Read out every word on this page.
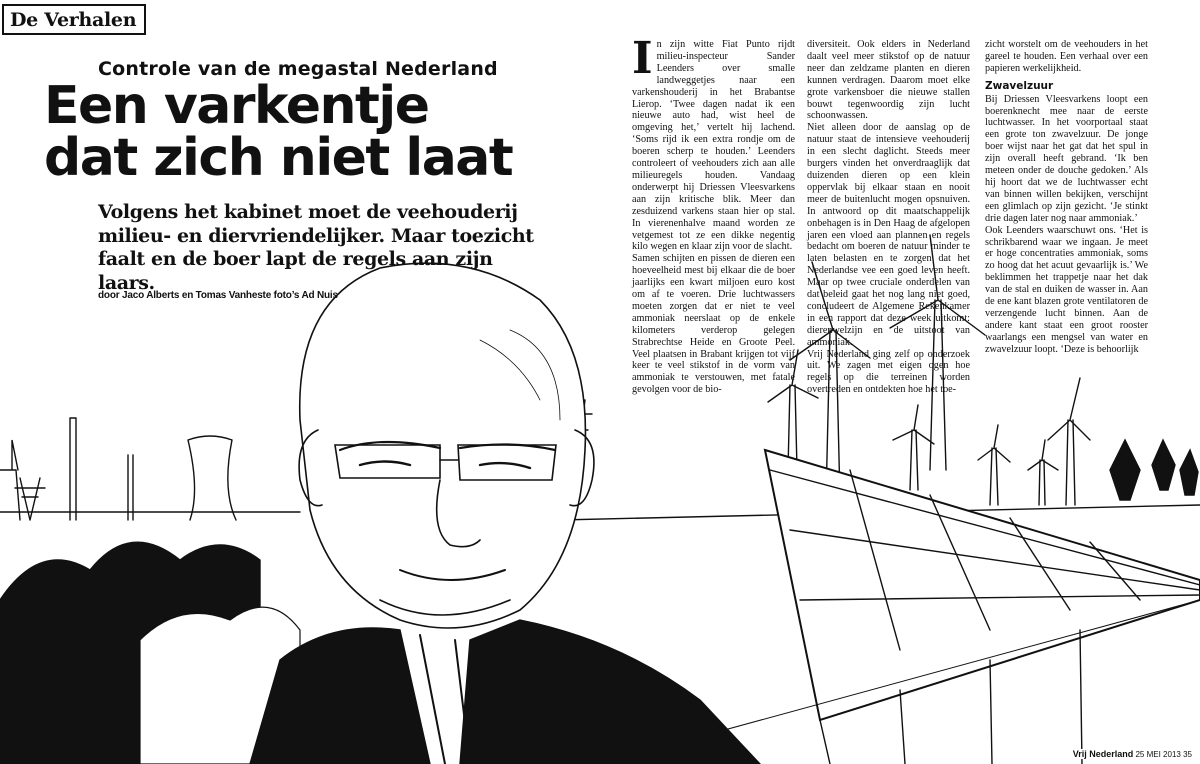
De Verhalen
Controle van de megastal Nederland
Een varkentje
dat zich niet laat
Volgens het kabinet moet de veehouderij
milieu- en diervriendelijker. Maar toezicht
faalt en de boer lapt de regels aan zijn laars.
door Jaco Alberts en Tomas Vanheste foto’s Ad Nuis

In zijn witte Fiat Punto rijdt milieu-inspecteur Sander Leenders over smalle landweggetjes naar een varkenshouderij in het Brabantse Lierop. ‘Twee dagen nadat ik een nieuwe auto had, wist heel de omgeving het,’ vertelt hij lachend. ‘Soms rijd ik een extra rondje om de boeren scherp te houden.’ Leenders controleert of veehouders zich aan alle milieuregels houden. Vandaag onderwerpt hij Driessen Vleesvarkens aan zijn kritische blik. Meer dan zesduizend varkens staan hier op stal. In vierenenhalve maand worden ze vetgemest tot ze een dikke negentig kilo wegen en klaar zijn voor de slacht.

Samen schijten en pissen de dieren een hoeveelheid mest bij elkaar die de boer jaarlijks een kwart miljoen euro kost om af te voeren. Drie luchtwassers moeten zorgen dat er niet te veel ammoniak neerslaat op de enkele kilometers verderop gelegen Strabrechtse Heide en Groote Peel. Veel plaatsen in Brabant krijgen tot vijf keer te veel stikstof in de vorm van ammoniak te verstouwen, met fatale gevolgen voor de bio-

diversiteit. Ook elders in Nederland daalt veel meer stikstof op de natuur neer dan zeldzame planten en dieren kunnen verdragen. Daarom moet elke grote varkensboer die nieuwe stallen bouwt tegenwoordig zijn lucht schoonwassen.

Niet alleen door de aanslag op de natuur staat de intensieve veehouderij in een slecht daglicht. Steeds meer burgers vinden het onverdraaglijk dat duizenden dieren op een klein oppervlak bij elkaar staan en nooit meer de buitenlucht mogen opsnuiven. In antwoord op dit maatschappelijk onbehagen is in Den Haag de afgelopen jaren een vloed aan plannen en regels bedacht om boeren de natuur minder te laten belasten en te zorgen dat het Nederlandse vee een goed leven heeft. Maar op twee cruciale onderdelen van dat beleid gaat het nog lang niet goed, concludeert de Algemene Rekenkamer in een rapport dat deze week uitkomt: dierenwelzijn en de uitstoot van ammoniak.

Vrij Nederland ging zelf op onderzoek uit. We zagen met eigen ogen hoe regels op die terreinen worden overtreden en ontdekten hoe het toe-

zicht worstelt om de veehouders in het gareel te houden. Een verhaal over een papieren werkelijkheid.

Zwavelzuur

Bij Driessen Vleesvarkens loopt een boerenknecht mee naar de eerste luchtwasser. In het voorportaal staat een grote ton zwavelzuur. De jonge boer wijst naar het gat dat het spul in zijn overall heeft gebrand. ‘Ik ben meteen onder de douche gedoken.’ Als hij hoort dat we de luchtwasser echt van binnen willen bekijken, verschijnt een glimlach op zijn gezicht. ‘Je stinkt drie dagen later nog naar ammoniak.’

Ook Leenders waarschuwt ons. ‘Het is schrikbarend waar we ingaan. Je meet er hoge concentraties ammoniak, soms zo hoog dat het acuut gevaarlijk is.’ We beklimmen het trappetje naar het dak van de stal en duiken de wasser in. Aan de ene kant blazen grote ventilatoren de verzengende lucht binnen. Aan de andere kant staat een groot rooster waarlangs een mengsel van water en zwavelzuur loopt. ‘Deze is behoorlijk

Vrij Nederland 25 MEI 2013 35
